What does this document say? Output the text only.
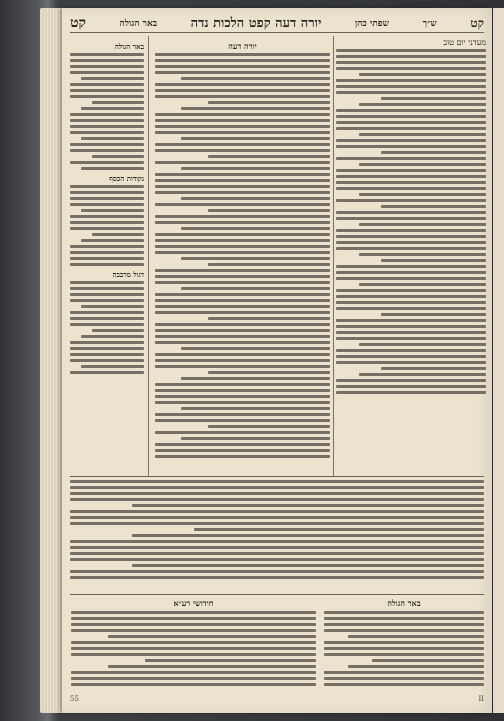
קט
ש״ך
שפתי כהן
יורה דעה קפט הלכות נדה
באר הגולה
קט
מעדני יום טוב
יורה דעה
באר הגולה
נקודות הכסף
דגול מרבבה
באר הגולה
חידושי רע״א
II
55
